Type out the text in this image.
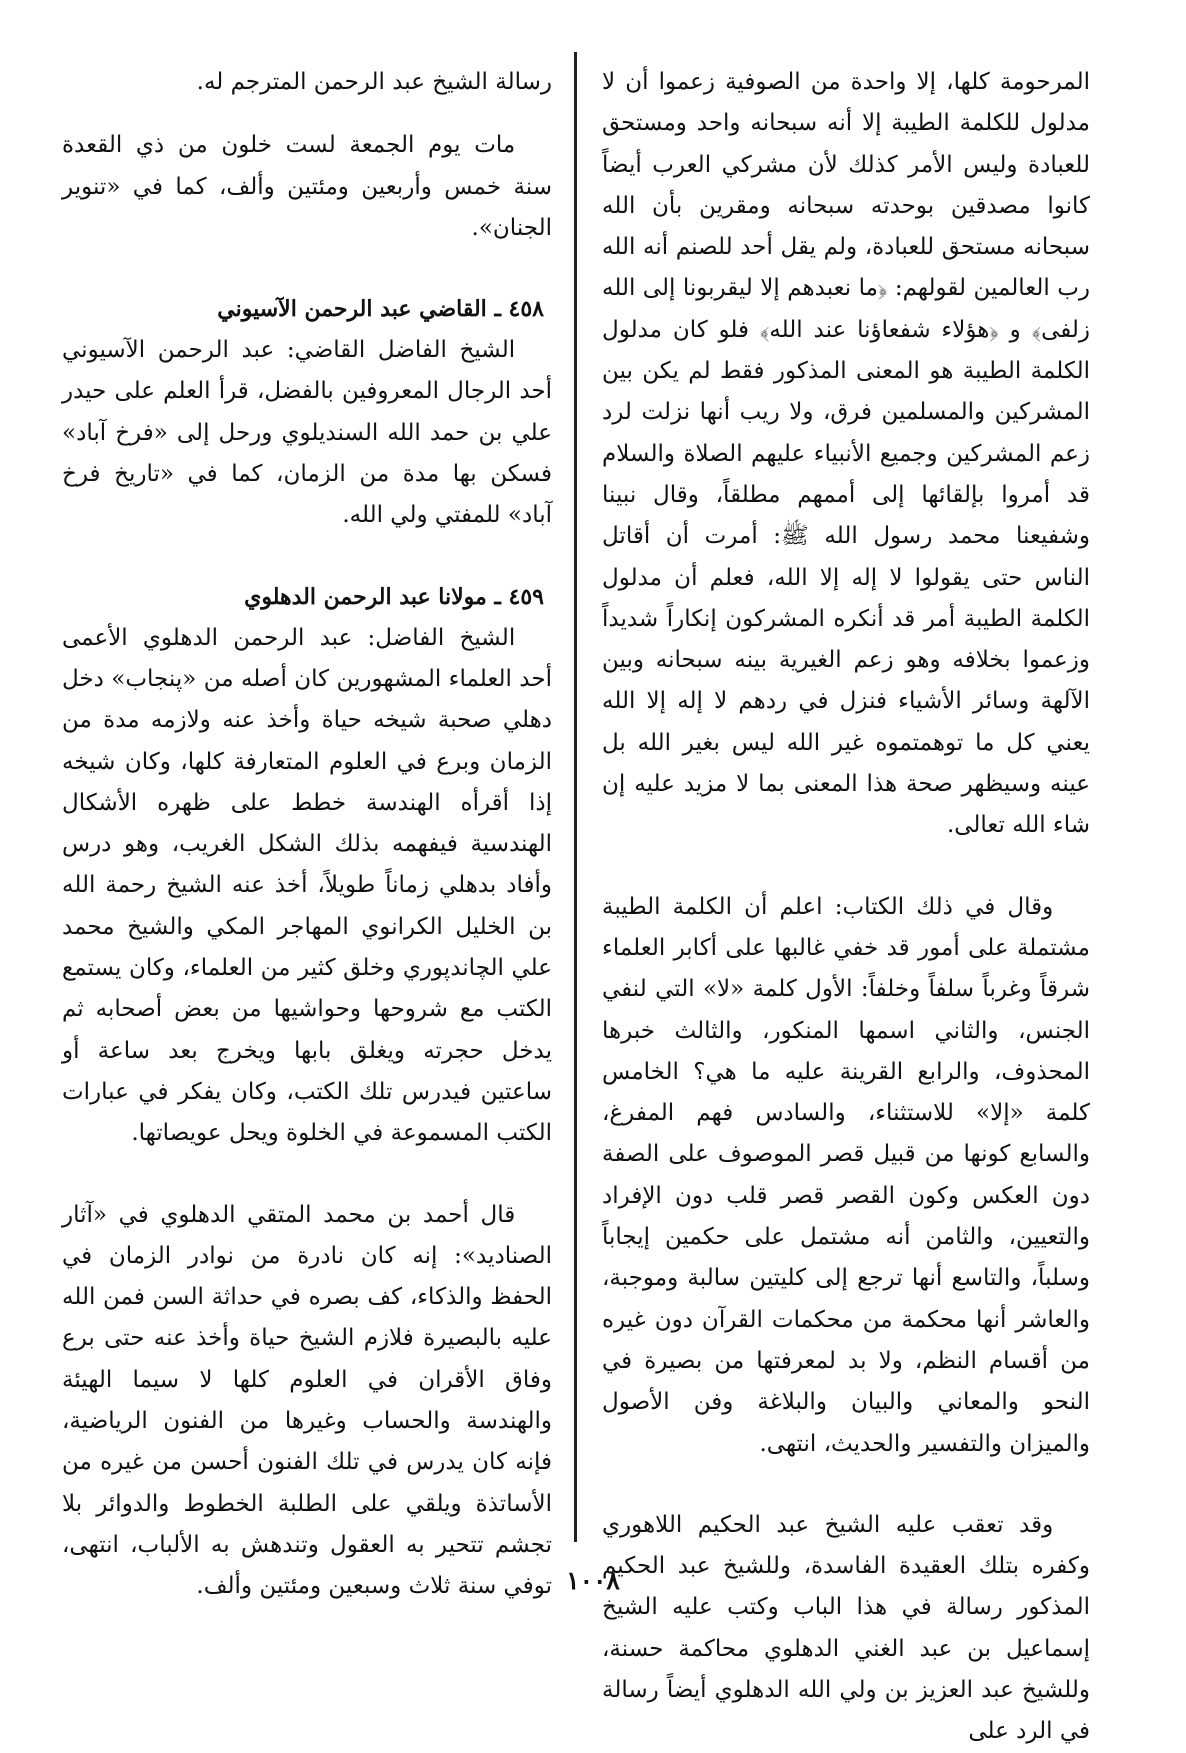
المرحومة كلها، إلا واحدة من الصوفية زعموا أن لا مدلول للكلمة الطيبة إلا أنه سبحانه واحد ومستحق للعبادة وليس الأمر كذلك لأن مشركي العرب أيضاً كانوا مصدقين بوحدته سبحانه ومقرين بأن الله سبحانه مستحق للعبادة، ولم يقل أحد للصنم أنه الله رب العالمين لقولهم: ﴿ما نعبدهم إلا ليقربونا إلى الله زلفى﴾ و ﴿هؤلاء شفعاؤنا عند الله﴾ فلو كان مدلول الكلمة الطيبة هو المعنى المذكور فقط لم يكن بين المشركين والمسلمين فرق، ولا ريب أنها نزلت لرد زعم المشركين وجميع الأنبياء عليهم الصلاة والسلام قد أمروا بإلقائها إلى أممهم مطلقاً، وقال نبينا وشفيعنا محمد رسول الله ﷺ: أمرت أن أقاتل الناس حتى يقولوا لا إله إلا الله، فعلم أن مدلول الكلمة الطيبة أمر قد أنكره المشركون إنكاراً شديداً وزعموا بخلافه وهو زعم الغيرية بينه سبحانه وبين الآلهة وسائر الأشياء فنزل في ردهم لا إله إلا الله يعني كل ما توهمتموه غير الله ليس بغير الله بل عينه وسيظهر صحة هذا المعنى بما لا مزيد عليه إن شاء الله تعالى.

وقال في ذلك الكتاب: اعلم أن الكلمة الطيبة مشتملة على أمور قد خفي غالبها على أكابر العلماء شرقاً وغرباً سلفاً وخلفاً: الأول كلمة «لا» التي لنفي الجنس، والثاني اسمها المنكور، والثالث خبرها المحذوف، والرابع القرينة عليه ما هي؟ الخامس كلمة «إلا» للاستثناء، والسادس فهم المفرغ، والسابع كونها من قبيل قصر الموصوف على الصفة دون العكس وكون القصر قصر قلب دون الإفراد والتعيين، والثامن أنه مشتمل على حكمين إيجاباً وسلباً، والتاسع أنها ترجع إلى كليتين سالبة وموجبة، والعاشر أنها محكمة من محكمات القرآن دون غيره من أقسام النظم، ولا بد لمعرفتها من بصيرة في النحو والمعاني والبيان والبلاغة وفن الأصول والميزان والتفسير والحديث، انتهى.

وقد تعقب عليه الشيخ عبد الحكيم اللاهوري وكفره بتلك العقيدة الفاسدة، وللشيخ عبد الحكيم المذكور رسالة في هذا الباب وكتب عليه الشيخ إسماعيل بن عبد الغني الدهلوي محاكمة حسنة، وللشيخ عبد العزيز بن ولي الله الدهلوي أيضاً رسالة في الرد على

رسالة الشيخ عبد الرحمن المترجم له.

مات يوم الجمعة لست خلون من ذي القعدة سنة خمس وأربعين ومئتين وألف، كما في «تنوير الجنان».

٤٥٨ ـ القاضي عبد الرحمن الآسيوني

الشيخ الفاضل القاضي: عبد الرحمن الآسيوني أحد الرجال المعروفين بالفضل، قرأ العلم على حيدر علي بن حمد الله السنديلوي ورحل إلى «فرخ آباد» فسكن بها مدة من الزمان، كما في «تاريخ فرخ آباد» للمفتي ولي الله.

٤٥٩ ـ مولانا عبد الرحمن الدهلوي

الشيخ الفاضل: عبد الرحمن الدهلوي الأعمى أحد العلماء المشهورين كان أصله من «پنجاب» دخل دهلي صحبة شيخه حياة وأخذ عنه ولازمه مدة من الزمان وبرع في العلوم المتعارفة كلها، وكان شيخه إذا أقرأه الهندسة خطط على ظهره الأشكال الهندسية فيفهمه بذلك الشكل الغريب، وهو درس وأفاد بدهلي زماناً طويلاً، أخذ عنه الشيخ رحمة الله بن الخليل الكرانوي المهاجر المكي والشيخ محمد علي الچاندپوري وخلق كثير من العلماء، وكان يستمع الكتب مع شروحها وحواشيها من بعض أصحابه ثم يدخل حجرته ويغلق بابها ويخرج بعد ساعة أو ساعتين فيدرس تلك الكتب، وكان يفكر في عبارات الكتب المسموعة في الخلوة ويحل عويصاتها.

قال أحمد بن محمد المتقي الدهلوي في «آثار الصناديد»: إنه كان نادرة من نوادر الزمان في الحفظ والذكاء، كف بصره في حداثة السن فمن الله عليه بالبصيرة فلازم الشيخ حياة وأخذ عنه حتى برع وفاق الأقران في العلوم كلها لا سيما الهيئة والهندسة والحساب وغيرها من الفنون الرياضية، فإنه كان يدرس في تلك الفنون أحسن من غيره من الأساتذة ويلقي على الطلبة الخطوط والدوائر بلا تجشم تتحير به العقول وتندهش به الألباب، انتهى، توفي سنة ثلاث وسبعين ومئتين وألف. ١٠٠٨
